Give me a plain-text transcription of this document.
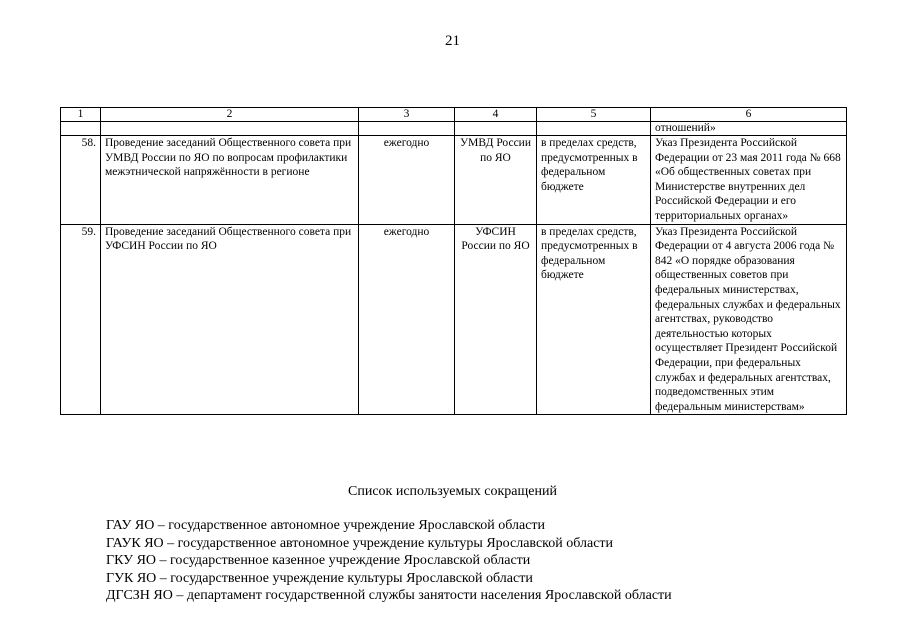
21
1	2	3	4	5	6
					отношений»
58.	Проведение заседаний Общественного совета при УМВД России по ЯО по вопросам профилактики межэтнической напряжённости в регионе	ежегодно	УМВД России по ЯО	в пределах средств, предусмотренных в федеральном бюджете	Указ Президента Российской Федерации от 23 мая 2011 года № 668 «Об общественных советах при Министерстве внутренних дел Российской Федерации и его территориальных органах»
59.	Проведение заседаний Общественного совета при УФСИН России по ЯО	ежегодно	УФСИН России по ЯО	в пределах средств, предусмотренных в федеральном бюджете	Указ Президента Российской Федерации от 4 августа 2006 года № 842 «О порядке образования общественных советов при федеральных министерствах, федеральных службах и федеральных агентствах, руководство деятельностью которых осуществляет Президент Российской Федерации, при федеральных службах и федеральных агентствах, подведомственных этим федеральным министерствам»
Список используемых сокращений
ГАУ ЯО – государственное автономное учреждение Ярославской области
ГАУК ЯО – государственное автономное учреждение культуры Ярославской области
ГКУ ЯО – государственное казенное учреждение Ярославской области
ГУК ЯО – государственное учреждение культуры Ярославской области
ДГСЗН ЯО – департамент государственной службы занятости населения Ярославской области
